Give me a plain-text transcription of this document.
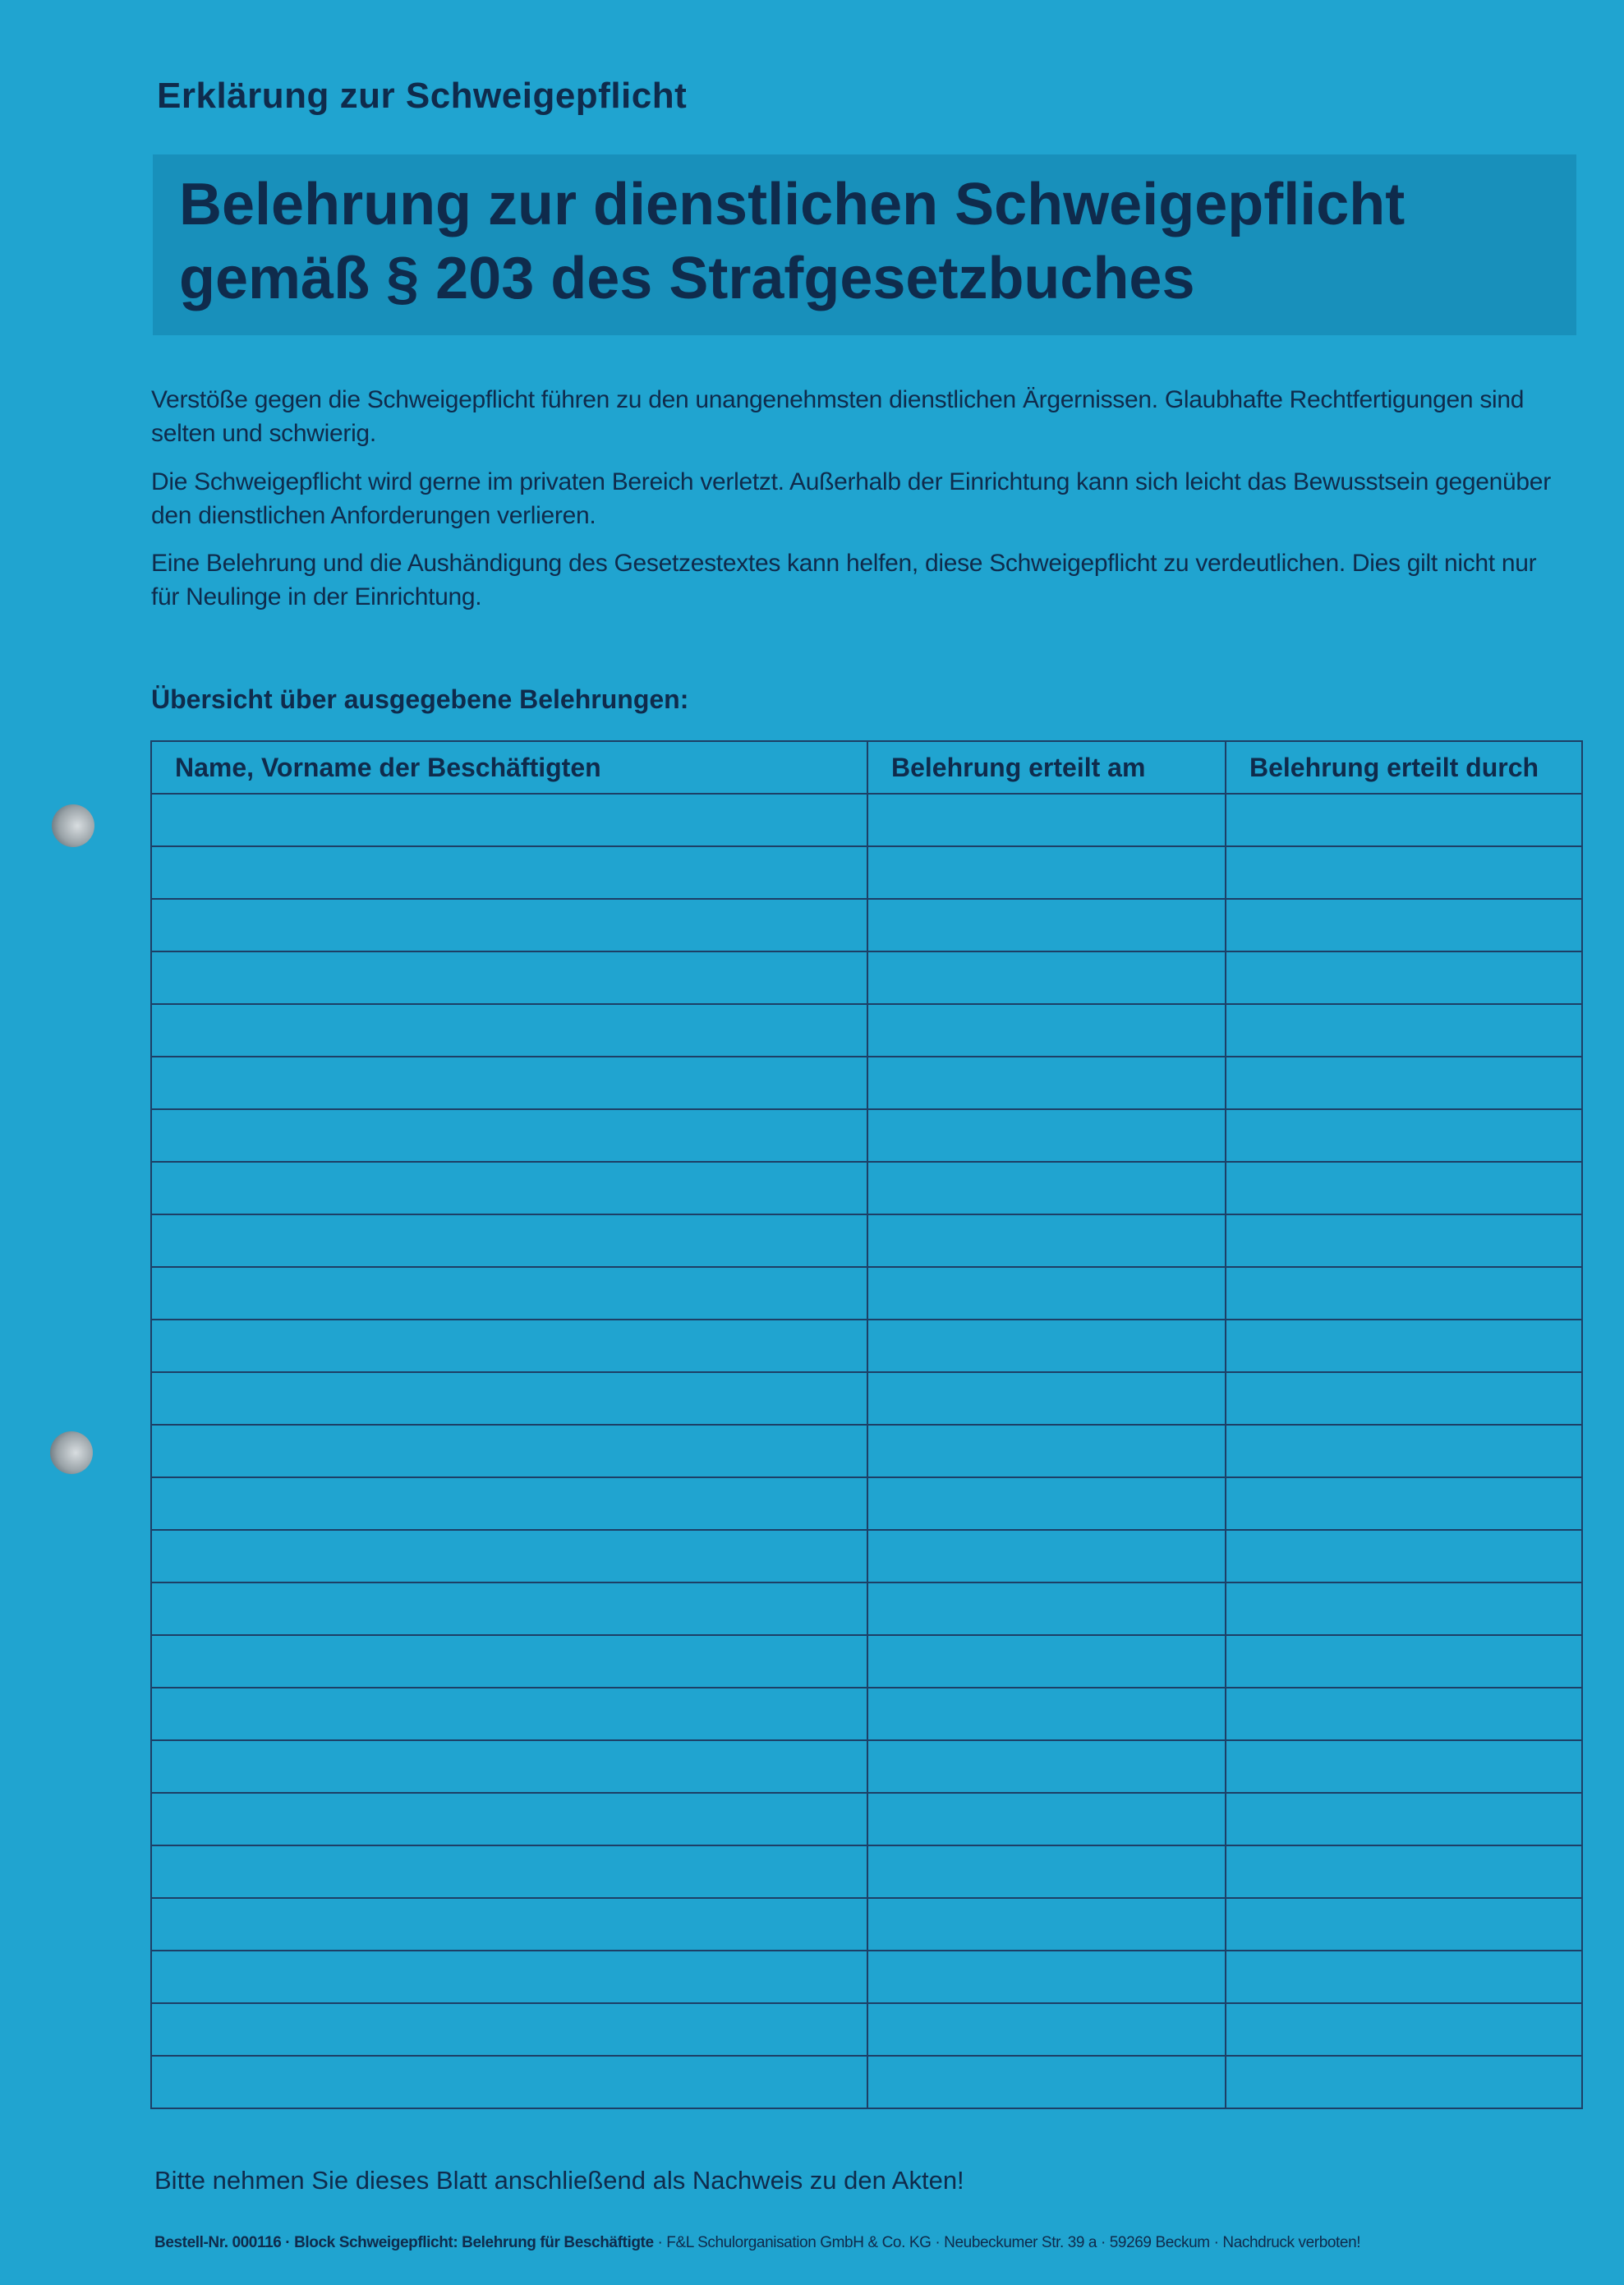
Erklärung zur Schweigepflicht
Belehrung zur dienstlichen Schweigepflicht
gemäß § 203 des Strafgesetzbuches
Verstöße gegen die Schweigepflicht führen zu den unangenehmsten dienstlichen Ärgernissen. Glaubhafte Rechtfertigungen sind selten und schwierig.
Die Schweigepflicht wird gerne im privaten Bereich verletzt. Außerhalb der Einrichtung kann sich leicht das Bewusstsein gegenüber den dienstlichen Anforderungen verlieren.
Eine Belehrung und die Aushändigung des Gesetzestextes kann helfen, diese Schweigepflicht zu verdeutlichen. Dies gilt nicht nur für Neulinge in der Einrichtung.
Übersicht über ausgegebene Belehrungen:
Name, Vorname der Beschäftigten	Belehrung erteilt am	Belehrung erteilt durch

Bitte nehmen Sie dieses Blatt anschließend als Nachweis zu den Akten!
Bestell-Nr. 000116 · Block Schweigepflicht: Belehrung für Beschäftigte · F&L Schulorganisation GmbH & Co. KG · Neubeckumer Str. 39 a · 59269 Beckum · Nachdruck verboten!
